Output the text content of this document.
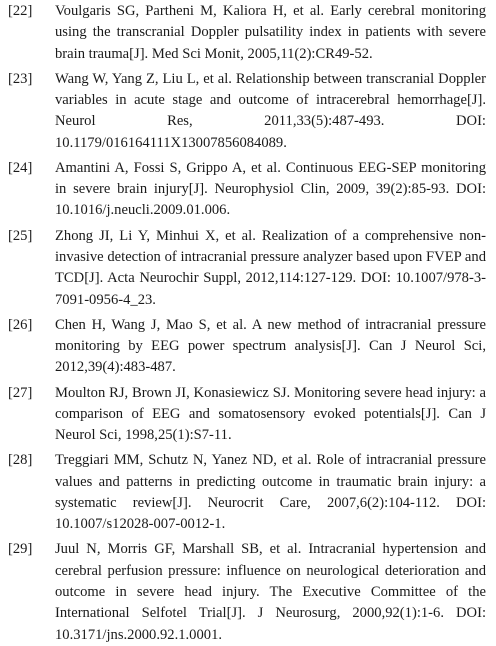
[22]	Voulgaris SG, Partheni M, Kaliora H, et al. Early cerebral monitoring using the transcranial Doppler pulsatility index in patients with severe brain trauma[J]. Med Sci Monit, 2005,11(2):CR49-52.
[23]	Wang W, Yang Z, Liu L, et al. Relationship between transcranial Doppler variables in acute stage and outcome of intracerebral hemorrhage[J]. Neurol Res, 2011,33(5):487-493. DOI: 10.1179/016164111X13007856084089.
[24]	Amantini A, Fossi S, Grippo A, et al. Continuous EEG-SEP monitoring in severe brain injury[J]. Neurophysiol Clin, 2009, 39(2):85-93. DOI: 10.1016/j.neucli.2009.01.006.
[25]	Zhong JI, Li Y, Minhui X, et al. Realization of a comprehensive non-invasive detection of intracranial pressure analyzer based upon FVEP and TCD[J]. Acta Neurochir Suppl, 2012,114:127-129. DOI: 10.1007/978-3-7091-0956-4_23.
[26]	Chen H, Wang J, Mao S, et al. A new method of intracranial pressure monitoring by EEG power spectrum analysis[J]. Can J Neurol Sci, 2012,39(4):483-487.
[27]	Moulton RJ, Brown JI, Konasiewicz SJ. Monitoring severe head injury: a comparison of EEG and somatosensory evoked potentials[J]. Can J Neurol Sci, 1998,25(1):S7-11.
[28]	Treggiari MM, Schutz N, Yanez ND, et al. Role of intracranial pressure values and patterns in predicting outcome in traumatic brain injury: a systematic review[J]. Neurocrit Care, 2007,6(2):104-112. DOI: 10.1007/s12028-007-0012-1.
[29]	Juul N, Morris GF, Marshall SB, et al. Intracranial hypertension and cerebral perfusion pressure: influence on neurological deterioration and outcome in severe head injury. The Executive Committee of the International Selfotel Trial[J]. J Neurosurg, 2000,92(1):1-6. DOI: 10.3171/jns.2000.92.1.0001.
